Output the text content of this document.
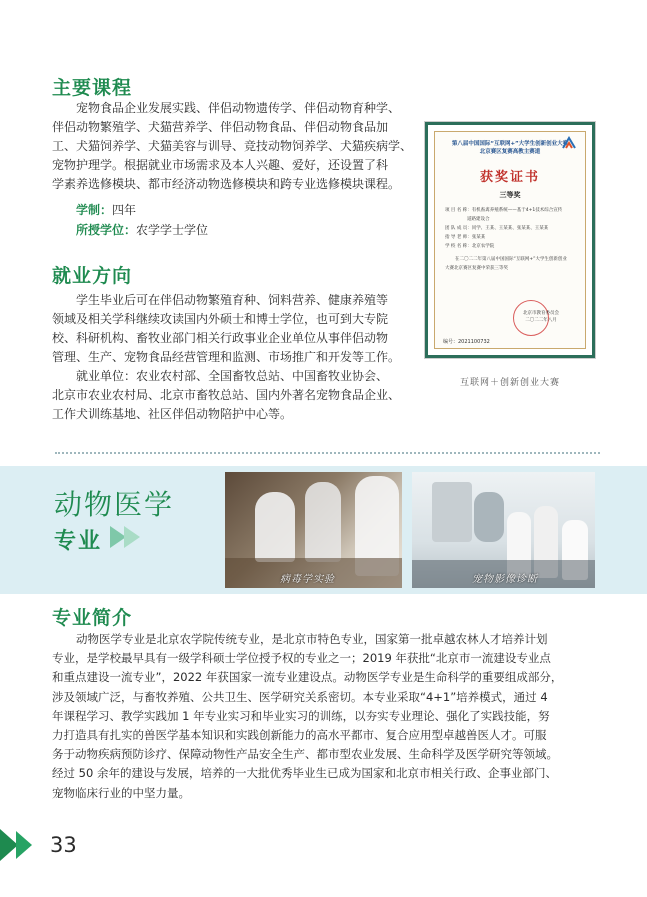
主要课程
宠物食品企业发展实践、伴侣动物遗传学、伴侣动物育种学、
伴侣动物繁殖学、犬猫营养学、伴侣动物食品、伴侣动物食品加
工、犬猫饲养学、犬猫美容与训导、竞技动物饲养学、犬猫疾病学、
宠物护理学。根据就业市场需求及本人兴趣、爱好，还设置了科
学素养选修模块、都市经济动物选修模块和跨专业选修模块课程。
学制：四年
所授学位：农学学士学位
就业方向
学生毕业后可在伴侣动物繁殖育种、饲料营养、健康养殖等
领域及相关学科继续攻读国内外硕士和博士学位，也可到大专院
校、科研机构、畜牧业部门相关行政事业企业单位从事伴侣动物
管理、生产、宠物食品经营管理和监测、市场推广和开发等工作。
就业单位：农业农村部、全国畜牧总站、中国畜牧业协会、
北京市农业农村局、北京市畜牧总站、国内外著名宠物食品企业、
工作犬训练基地、社区伴侣动物陪护中心等。
第八届中国国际“互联网+”大学生创新创业大赛
北京赛区复赛高教主赛道
获奖证书
三等奖
项 目 名 称：有机畜禽养殖系统——基于4+1技术综合宣传
道路建设合
团 队 成 员：同学、王某、王某某、张某某、王某某
指 导 老 师：张某某
学 校 名 称：北京农学院
在二〇二二年第八届中国国际“互联网+”大学生创新创业
大赛北京赛区复赛中荣获三等奖
北京市教育委员会
二〇二二年八月
编号：2021100732
互联网＋创新创业大赛
动物医学
专业
病毒学实验	宠物影像诊断
专业简介
动物医学专业是北京农学院传统专业，是北京市特色专业，国家第一批卓越农林人才培养计划
专业，是学校最早具有一级学科硕士学位授予权的专业之一；2019 年获批“北京市一流建设专业点
和重点建设一流专业”，2022 年获国家一流专业建设点。动物医学专业是生命科学的重要组成部分，
涉及领域广泛，与畜牧养殖、公共卫生、医学研究关系密切。本专业采取“4+1”培养模式，通过 4
年课程学习、教学实践加 1 年专业实习和毕业实习的训练，以夯实专业理论、强化了实践技能，努
力打造具有扎实的兽医学基本知识和实践创新能力的高水平都市、复合应用型卓越兽医人才。可服
务于动物疾病预防诊疗、保障动物性产品安全生产、都市型农业发展、生命科学及医学研究等领域。
经过 50 余年的建设与发展，培养的一大批优秀毕业生已成为国家和北京市相关行政、企事业部门、
宠物临床行业的中坚力量。
33
